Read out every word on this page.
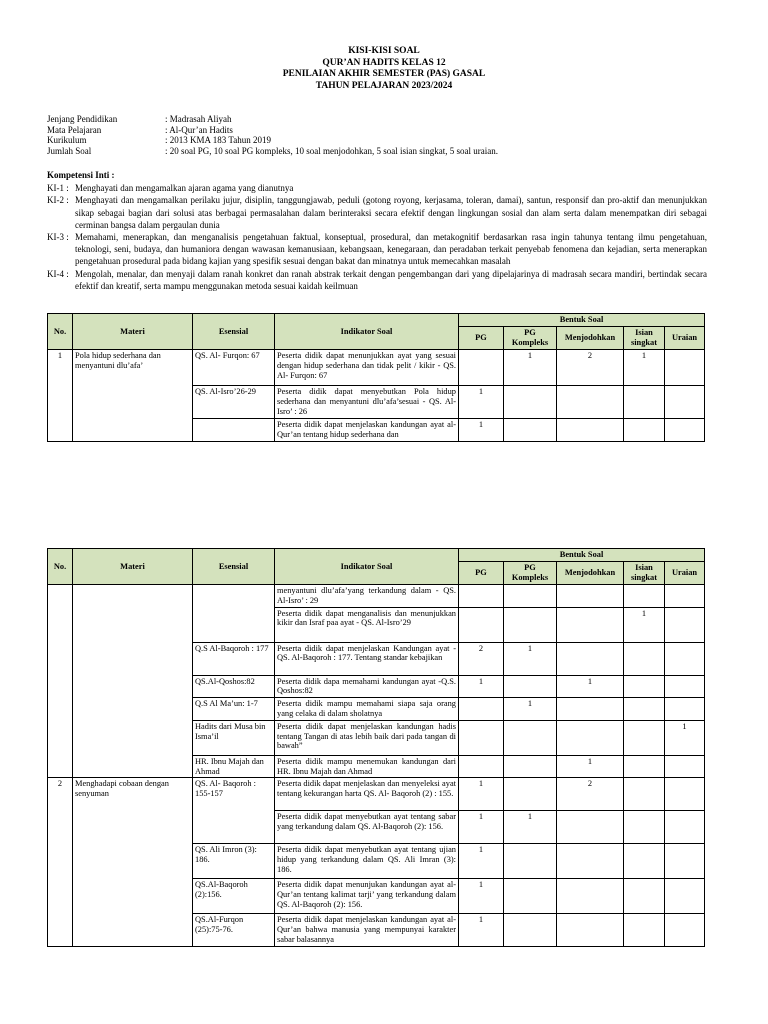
KISI-KISI SOAL
QUR’AN HADITS KELAS 12
PENILAIAN AKHIR SEMESTER (PAS) GASAL
TAHUN PELAJARAN 2023/2024
Jenjang Pendidikan	: Madrasah Aliyah
Mata Pelajaran	: Al-Qur’an Hadits
Kurikulum	: 2013 KMA 183 Tahun 2019
Jumlah Soal	: 20 soal PG, 10 soal PG kompleks, 10 soal menjodohkan, 5 soal isian singkat, 5 soal uraian.
Kompetensi Inti :
KI-1 : Menghayati dan mengamalkan ajaran agama yang dianutnya
KI-2 : Menghayati dan mengamalkan perilaku jujur, disiplin, tanggungjawab, peduli (gotong royong, kerjasama, toleran, damai), santun, responsif dan pro-aktif dan menunjukkan sikap sebagai bagian dari solusi atas berbagai permasalahan dalam berinteraksi secara efektif dengan lingkungan sosial dan alam serta dalam menempatkan diri sebagai cerminan bangsa dalam pergaulan dunia
KI-3 : Memahami, menerapkan, dan menganalisis pengetahuan faktual, konseptual, prosedural, dan metakognitif berdasarkan rasa ingin tahunya tentang ilmu pengetahuan, teknologi, seni, budaya, dan humaniora dengan wawasan kemanusiaan, kebangsaan, kenegaraan, dan peradaban terkait penyebab fenomena dan kejadian, serta menerapkan pengetahuan prosedural pada bidang kajian yang spesifik sesuai dengan bakat dan minatnya untuk memecahkan masalah
KI-4 : Mengolah, menalar, dan menyaji dalam ranah konkret dan ranah abstrak terkait dengan pengembangan dari yang dipelajarinya di madrasah secara mandiri, bertindak secara efektif dan kreatif, serta mampu menggunakan metoda sesuai kaidah keilmuan
No.	Materi	Esensial	Indikator Soal	Bentuk Soal				
				PG	PG Kompleks	Menjodohkan	Isian singkat	Uraian
1	Pola hidup sederhana dan menyantuni dlu’afa’	QS. Al- Furqon: 67	Peserta didik dapat menunjukkan ayat yang sesuai dengan hidup sederhana dan tidak pelit / kikir - QS. Al- Furqon: 67		1	2	1	
		QS. Al-Isro’26-29	Peserta didik dapat menyebutkan Pola hidup sederhana dan menyantuni dlu’afa’sesuai - QS. Al-Isro’ : 26	1				
			Peserta didik dapat menjelaskan kandungan ayat al-Qur’an tentang hidup sederhana dan	1				
No.	Materi	Esensial	Indikator Soal	Bentuk Soal				
				PG	PG Kompleks	Menjodohkan	Isian singkat	Uraian
			menyantuni dlu’afa’yang terkandung dalam - QS. Al-Isro’ : 29					
			Peserta didik dapat menganalisis dan menunjukkan kikir dan Israf paa ayat - QS. Al-Isro’29				1	
		Q.S Al-Baqoroh : 177	Peserta didik dapat menjelaskan Kandungan ayat - QS. Al-Baqoroh : 177. Tentang standar kebajikan	2	1			
		QS.Al-Qoshos:82	Peserta didik dapa memahami kandungan ayat -Q.S. Qoshos:82	1		1		
		Q.S Al Ma’un: 1-7	Peserta didik mampu memahami siapa saja orang yang celaka di dalam sholatnya		1			
		Hadits dari Musa bin Isma’il	Peserta didik dapat menjelaskan kandungan hadis tentang Tangan di atas lebih baik dari pada tangan di bawah”					1
		HR. Ibnu Majah dan Ahmad	Peserta didik mampu menemukan kandungan dari HR. Ibnu Majah dan Ahmad			1		
2	Menghadapi cobaan dengan senyuman	QS. Al- Baqoroh : 155-157	Peserta didik dapat menjelaskan dan menyeleksi ayat tentang kekurangan harta QS. Al- Baqoroh (2) : 155.	1		2		
			Peserta didik dapat menyebutkan ayat tentang sabar yang terkandung dalam QS. Al-Baqoroh (2): 156.	1	1			
		QS. Ali Imron (3): 186.	Peserta didik dapat menyebutkan ayat tentang ujian hidup yang terkandung dalam QS. Ali Imran (3): 186.	1				
		QS.Al-Baqoroh (2):156.	Peserta didik dapat menunjukan kandungan ayat al-Qur’an tentang kalimat tarji’ yang terkandung dalam QS. Al-Baqoroh (2): 156.	1				
		QS.Al-Furqon (25):75-76.	Peserta didik dapat menjelaskan kandungan ayat al-Qur’an bahwa manusia yang mempunyai karakter sabar balasannya	1				
